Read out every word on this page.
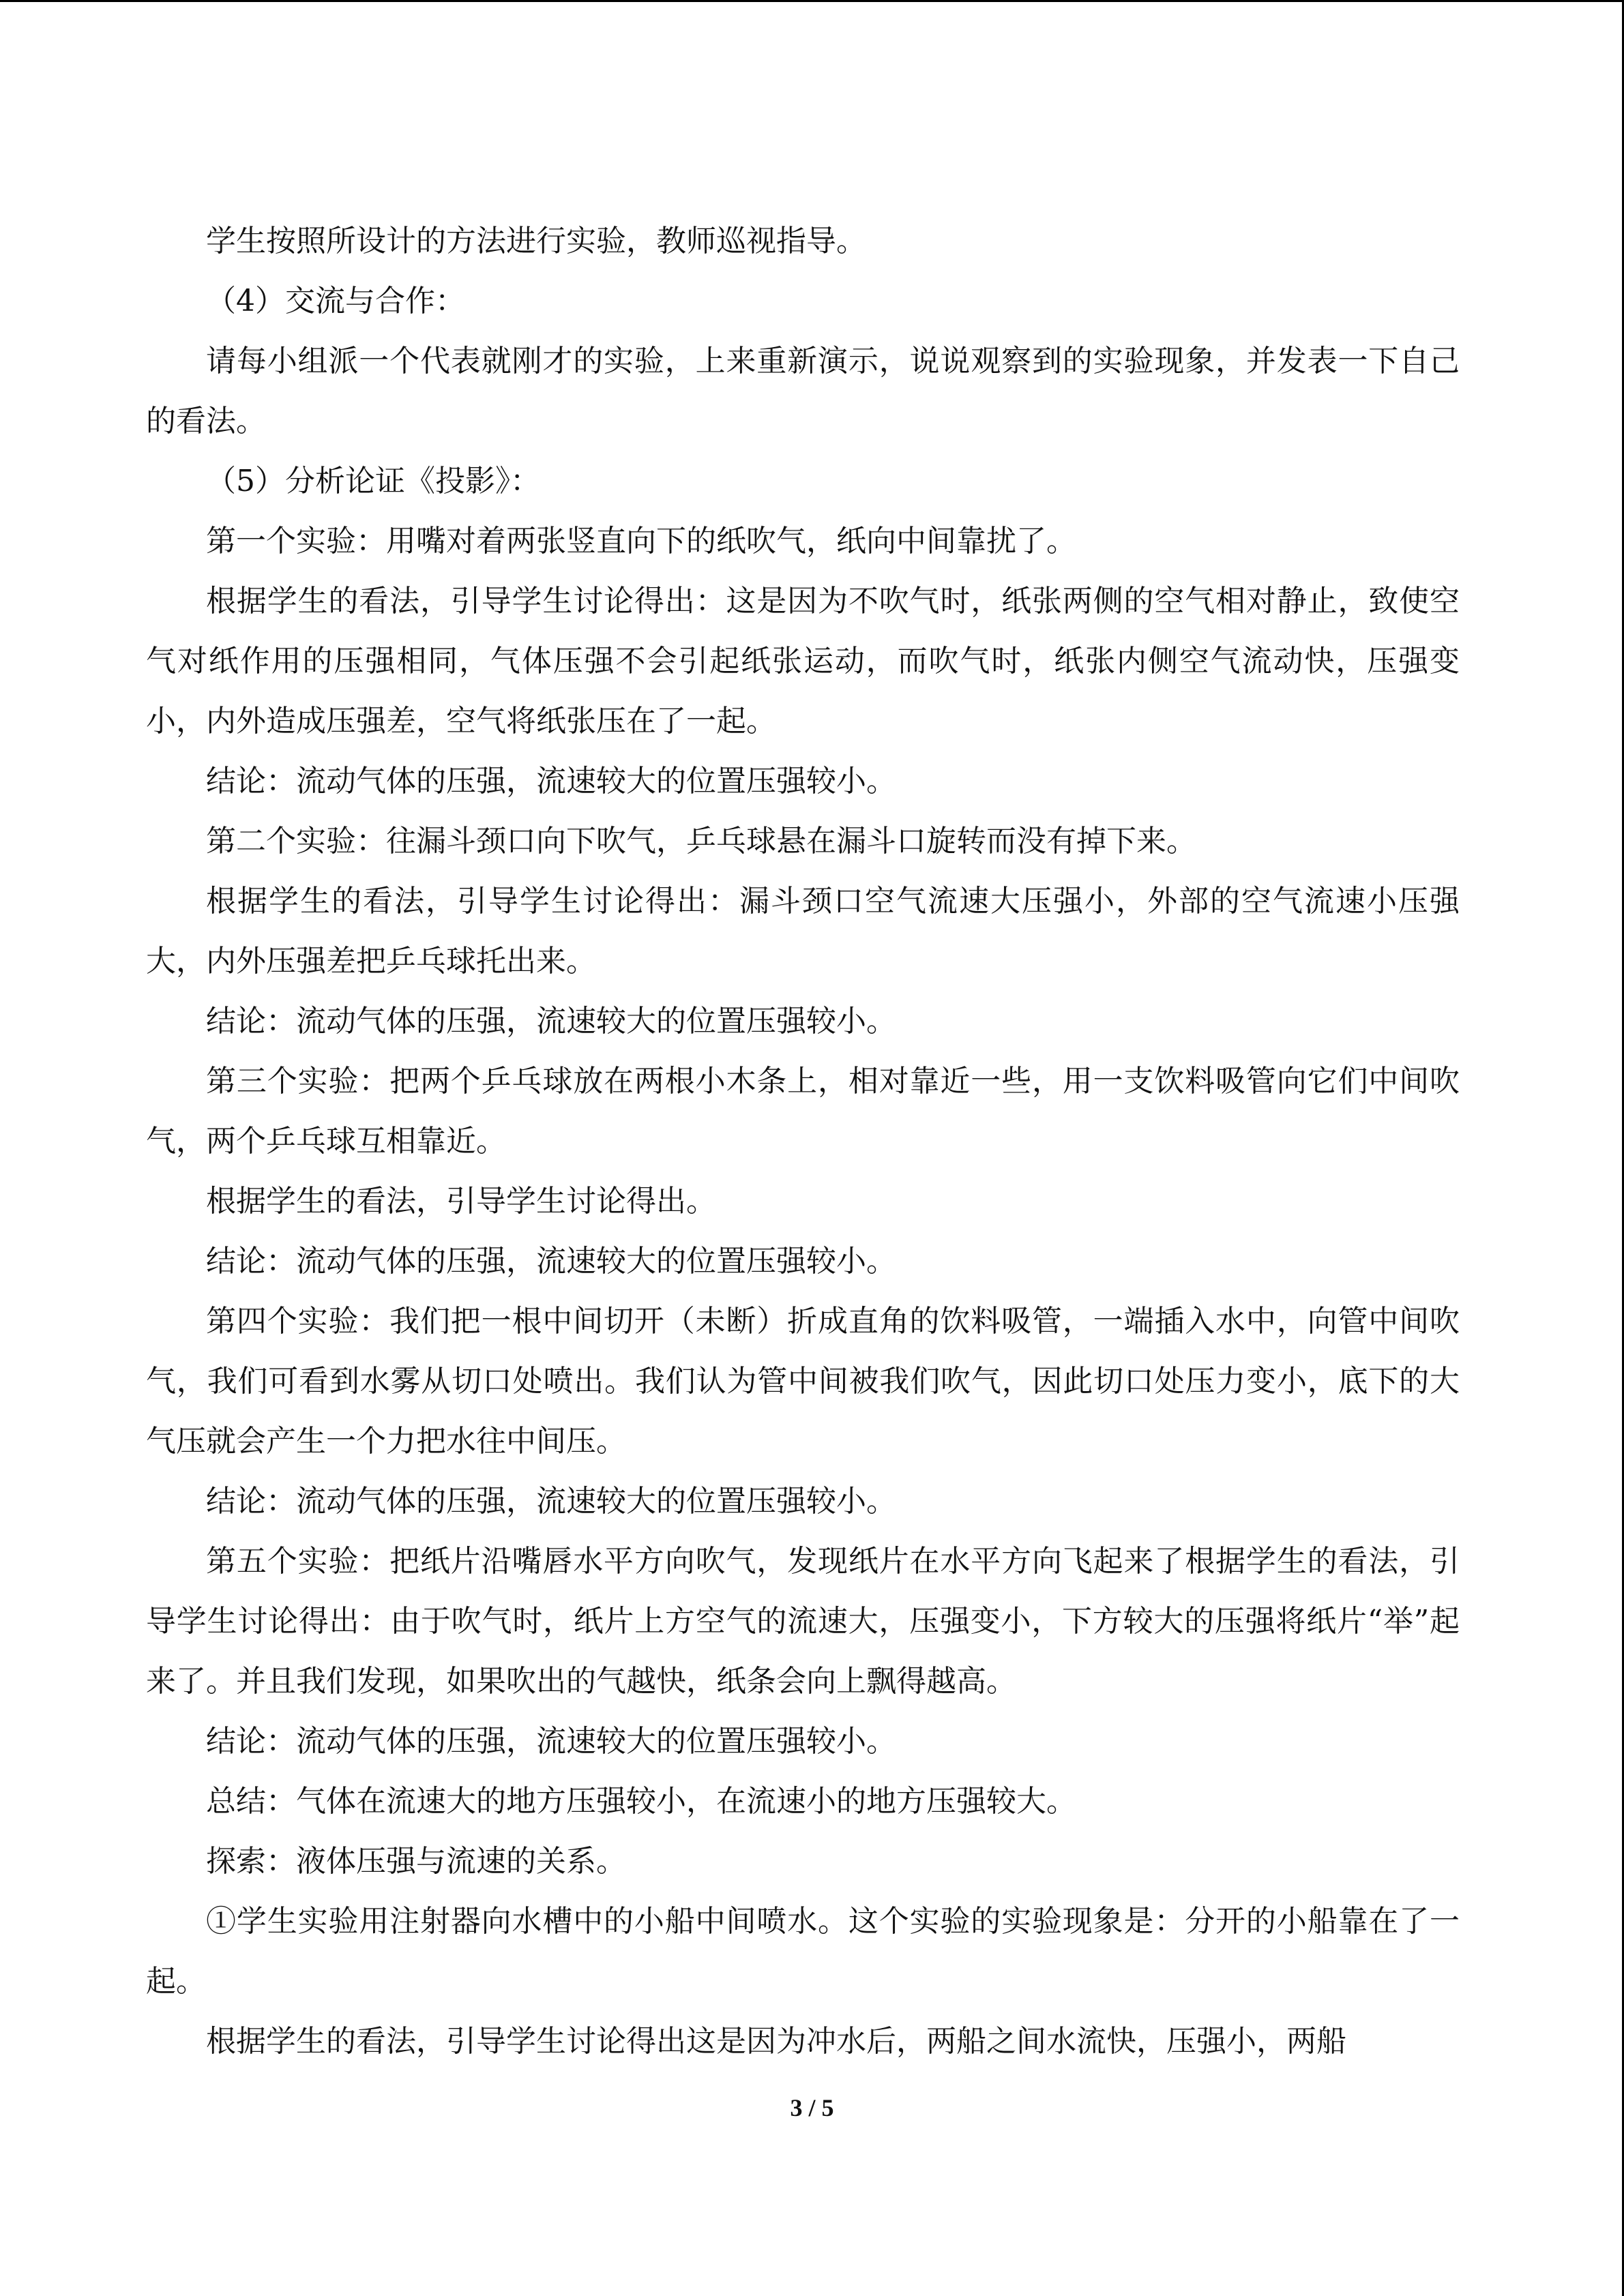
学生按照所设计的方法进行实验，教师巡视指导。

（4）交流与合作：

请每小组派一个代表就刚才的实验，上来重新演示，说说观察到的实验现象，并发表一下自己的看法。

（5）分析论证《投影》：

第一个实验：用嘴对着两张竖直向下的纸吹气，纸向中间靠扰了。

根据学生的看法，引导学生讨论得出：这是因为不吹气时，纸张两侧的空气相对静止，致使空气对纸作用的压强相同，气体压强不会引起纸张运动，而吹气时，纸张内侧空气流动快，压强变小，内外造成压强差，空气将纸张压在了一起。

结论：流动气体的压强，流速较大的位置压强较小。

第二个实验：往漏斗颈口向下吹气，乒乓球悬在漏斗口旋转而没有掉下来。

根据学生的看法，引导学生讨论得出：漏斗颈口空气流速大压强小，外部的空气流速小压强大，内外压强差把乒乓球托出来。

结论：流动气体的压强，流速较大的位置压强较小。

第三个实验：把两个乒乓球放在两根小木条上，相对靠近一些，用一支饮料吸管向它们中间吹气，两个乒乓球互相靠近。

根据学生的看法，引导学生讨论得出。

结论：流动气体的压强，流速较大的位置压强较小。

第四个实验：我们把一根中间切开（未断）折成直角的饮料吸管，一端插入水中，向管中间吹气，我们可看到水雾从切口处喷出。我们认为管中间被我们吹气，因此切口处压力变小，底下的大气压就会产生一个力把水往中间压。

结论：流动气体的压强，流速较大的位置压强较小。

第五个实验：把纸片沿嘴唇水平方向吹气，发现纸片在水平方向飞起来了根据学生的看法，引导学生讨论得出：由于吹气时，纸片上方空气的流速大，压强变小，下方较大的压强将纸片“举”起来了。并且我们发现，如果吹出的气越快，纸条会向上飘得越高。

结论：流动气体的压强，流速较大的位置压强较小。

总结：气体在流速大的地方压强较小，在流速小的地方压强较大。

探索：液体压强与流速的关系。

①学生实验用注射器向水槽中的小船中间喷水。这个实验的实验现象是：分开的小船靠在了一起。

根据学生的看法，引导学生讨论得出这是因为冲水后，两船之间水流快，压强小，两船

3 / 5
